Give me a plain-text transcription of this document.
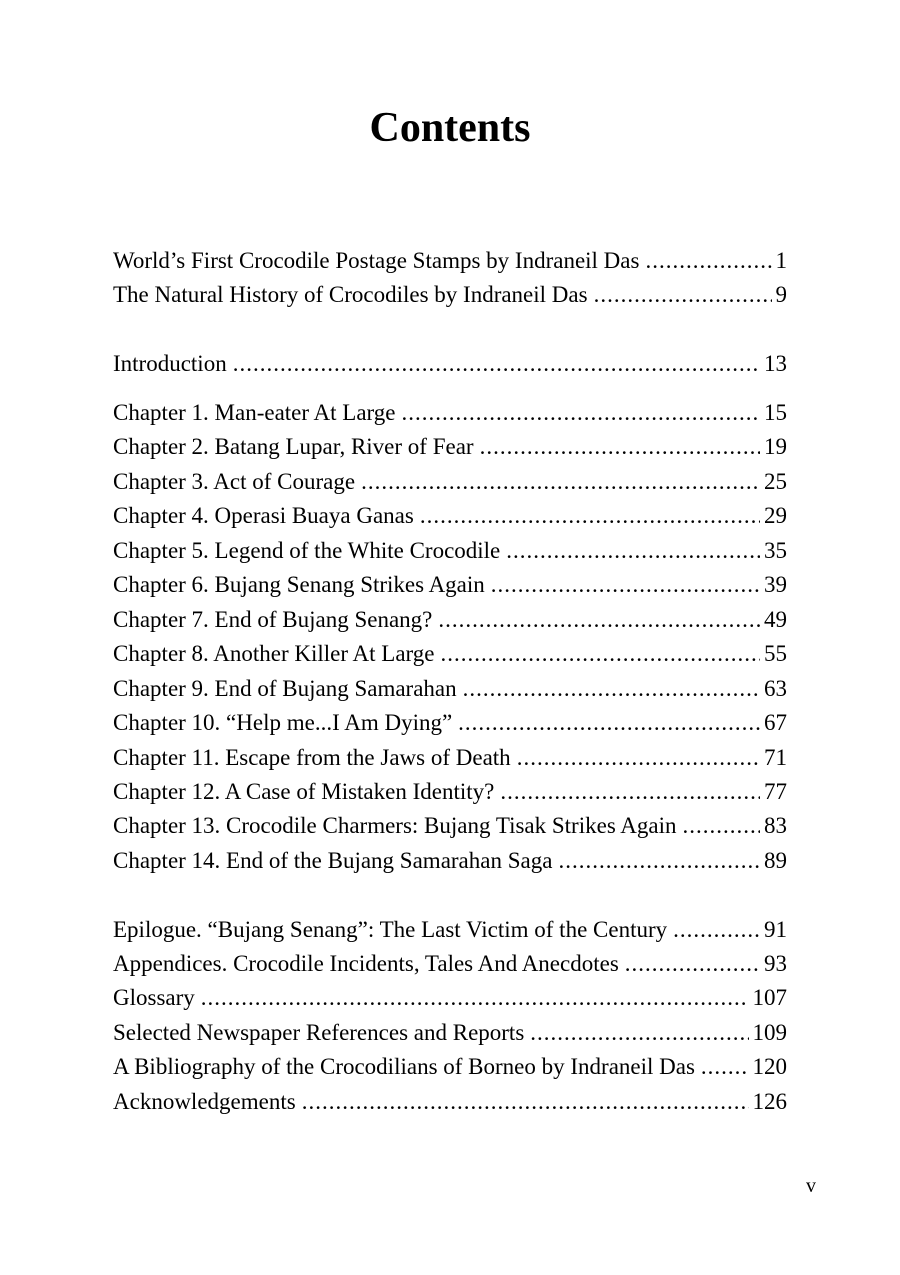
Contents
World’s First Crocodile Postage Stamps by Indraneil Das .....	1
The Natural History of Crocodiles by Indraneil Das .....	9
Introduction .....	13
Chapter 1. Man-eater At Large .....	15
Chapter 2. Batang Lupar, River of Fear .....	19
Chapter 3. Act of Courage .....	25
Chapter 4. Operasi Buaya Ganas .....	29
Chapter 5. Legend of the White Crocodile .....	35
Chapter 6. Bujang Senang Strikes Again .....	39
Chapter 7. End of Bujang Senang? .....	49
Chapter 8. Another Killer At Large .....	55
Chapter 9. End of Bujang Samarahan .....	63
Chapter 10. “Help me...I Am Dying” .....	67
Chapter 11. Escape from the Jaws of Death .....	71
Chapter 12. A Case of Mistaken Identity? .....	77
Chapter 13. Crocodile Charmers: Bujang Tisak Strikes Again .....	83
Chapter 14. End of the Bujang Samarahan Saga .....	89
Epilogue. “Bujang Senang”: The Last Victim of the Century .....	91
Appendices. Crocodile Incidents, Tales And Anecdotes .....	93
Glossary .....	107
Selected Newspaper References and Reports .....	109
A Bibliography of the Crocodilians of Borneo by Indraneil Das .....	120
Acknowledgements .....	126
v
